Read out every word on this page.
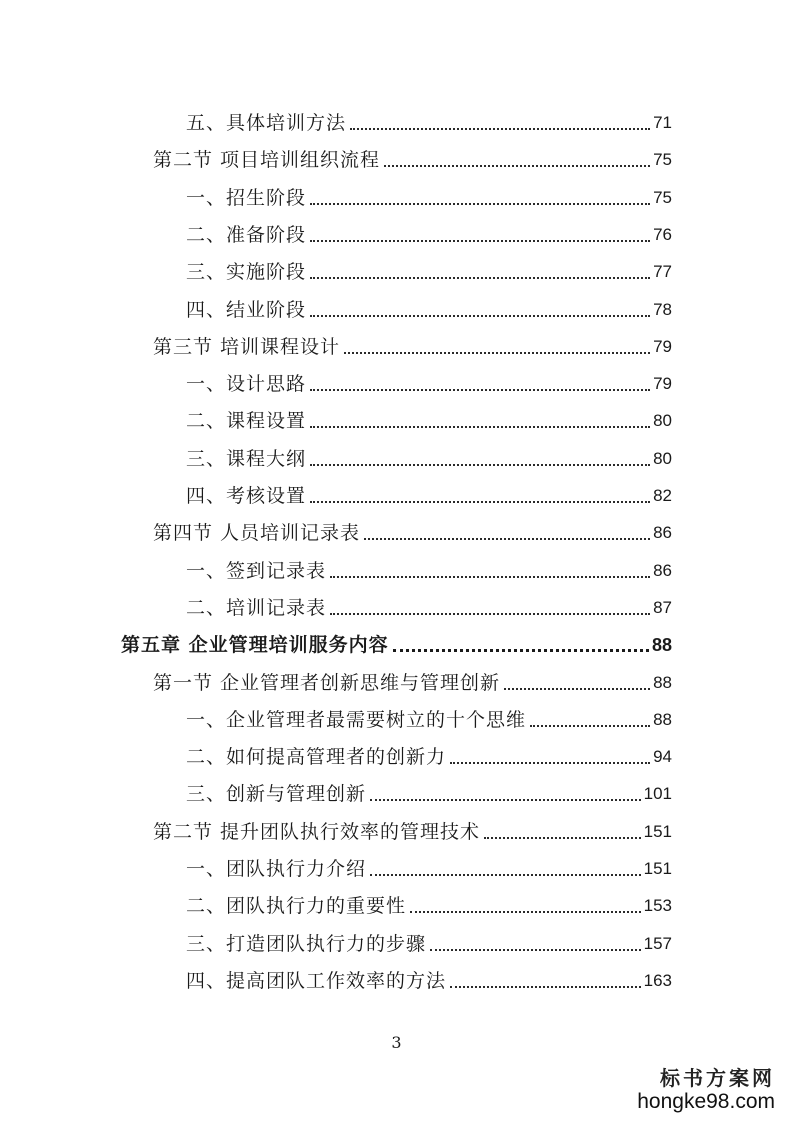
五、具体培训方法	71
第二节 项目培训组织流程	75
一、招生阶段	75
二、准备阶段	76
三、实施阶段	77
四、结业阶段	78
第三节 培训课程设计	79
一、设计思路	79
二、课程设置	80
三、课程大纲	80
四、考核设置	82
第四节 人员培训记录表	86
一、签到记录表	86
二、培训记录表	87
第五章 企业管理培训服务内容	88
第一节 企业管理者创新思维与管理创新	88
一、企业管理者最需要树立的十个思维	88
二、如何提高管理者的创新力	94
三、创新与管理创新	101
第二节 提升团队执行效率的管理技术	151
一、团队执行力介绍	151
二、团队执行力的重要性	153
三、打造团队执行力的步骤	157
四、提高团队工作效率的方法	163
3
标书方案网
hongke98.com
